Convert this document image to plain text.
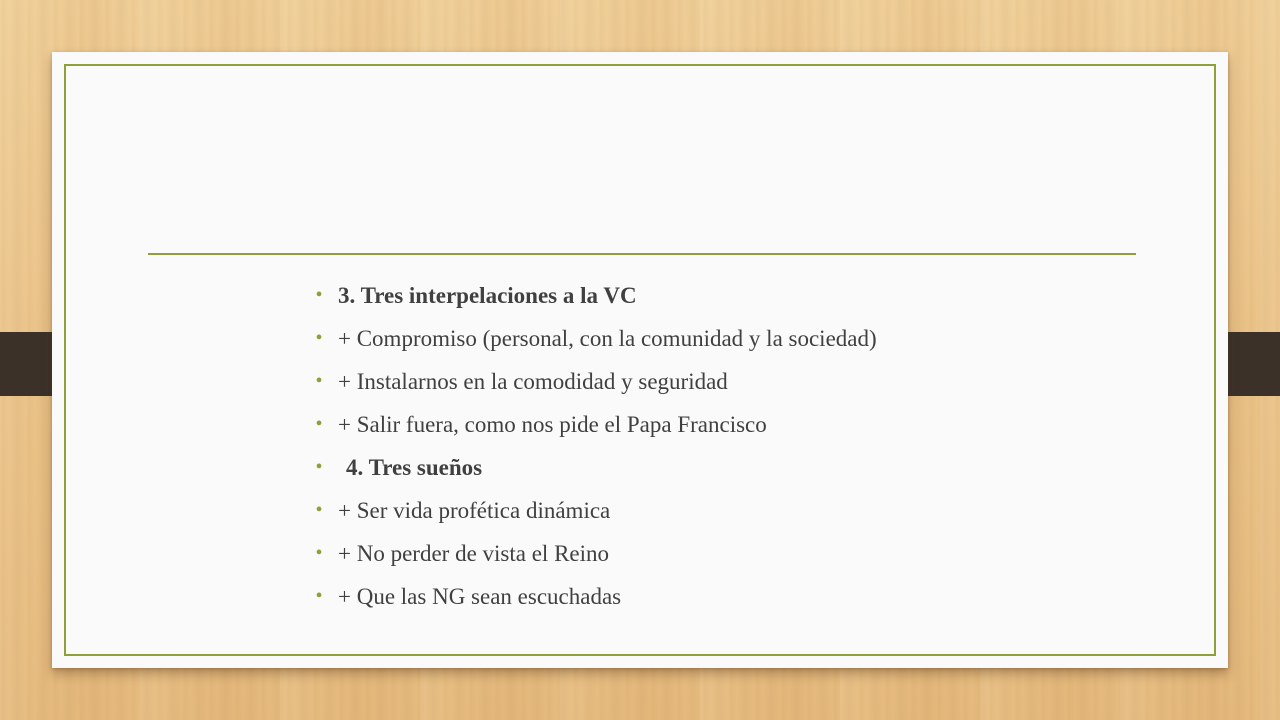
• 3. Tres interpelaciones a la VC
• + Compromiso (personal, con la comunidad y la sociedad)
• + Instalarnos en la comodidad y seguridad
• + Salir fuera, como nos pide el Papa Francisco
• 4. Tres sueños
• + Ser vida profética dinámica
• + No perder de vista el Reino
• + Que las NG sean escuchadas
